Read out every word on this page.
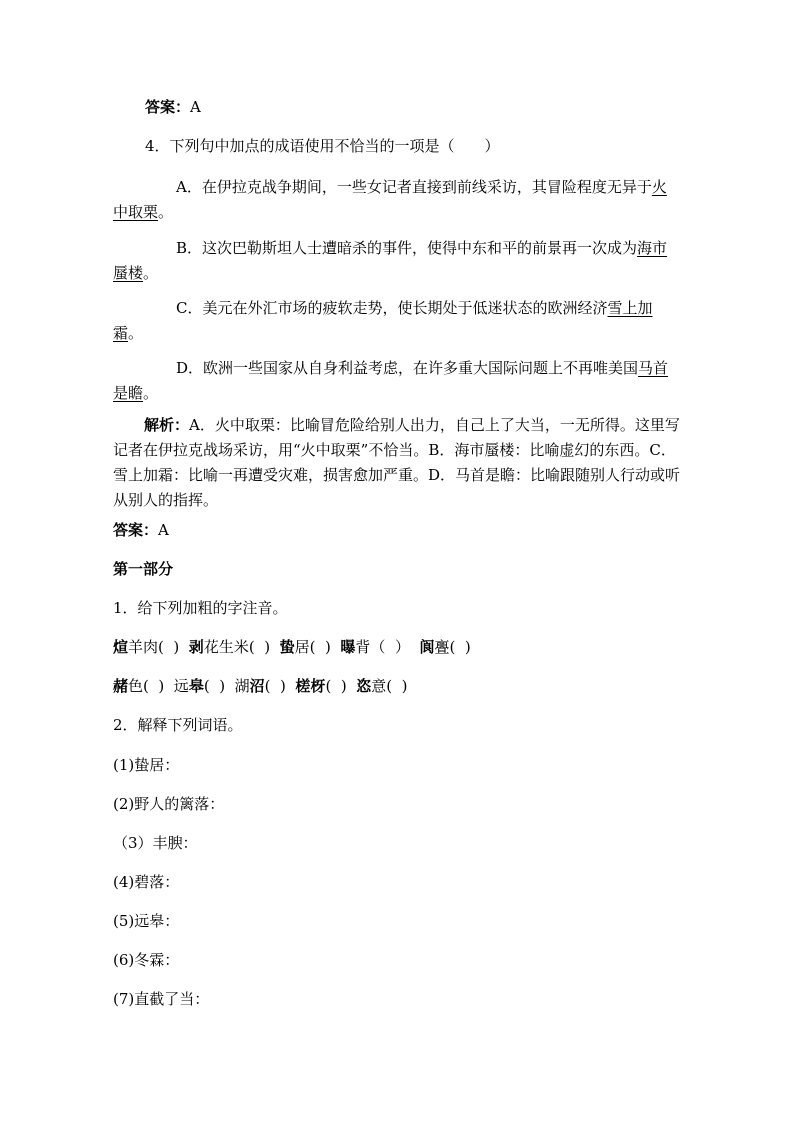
答案：A
4．下列句中加点的成语使用不恰当的一项是（　　）
A．在伊拉克战争期间，一些女记者直接到前线采访，其冒险程度无异于火中取栗。
B．这次巴勒斯坦人士遭暗杀的事件，使得中东和平的前景再一次成为海市蜃楼。
C．美元在外汇市场的疲软走势，使长期处于低迷状态的欧洲经济雪上加霜。
D．欧洲一些国家从自身利益考虑，在许多重大国际问题上不再唯美国马首是瞻。
解析：A．火中取栗：比喻冒危险给别人出力，自己上了大当，一无所得。这里写记者在伊拉克战场采访，用“火中取栗”不恰当。B．海市蜃楼：比喻虚幻的东西。C．雪上加霜：比喻一再遭受灾难，损害愈加严重。D．马首是瞻：比喻跟随别人行动或听从别人的指挥。
答案：A
第一部分
1．给下列加粗的字注音。
煊羊肉(  )  剥花生米(  )  蛰居(  )  曝背（  ）  阆亹(  )
赭色(  )  远皋(  )  湖沼(  )  槎枒(  )  恣意(  )
2．解释下列词语。
(1)蛰居：
(2)野人的篱落：
（3）丰腴：
(4)碧落：
(5)远皋：
(6)冬霖：
(7)直截了当：
